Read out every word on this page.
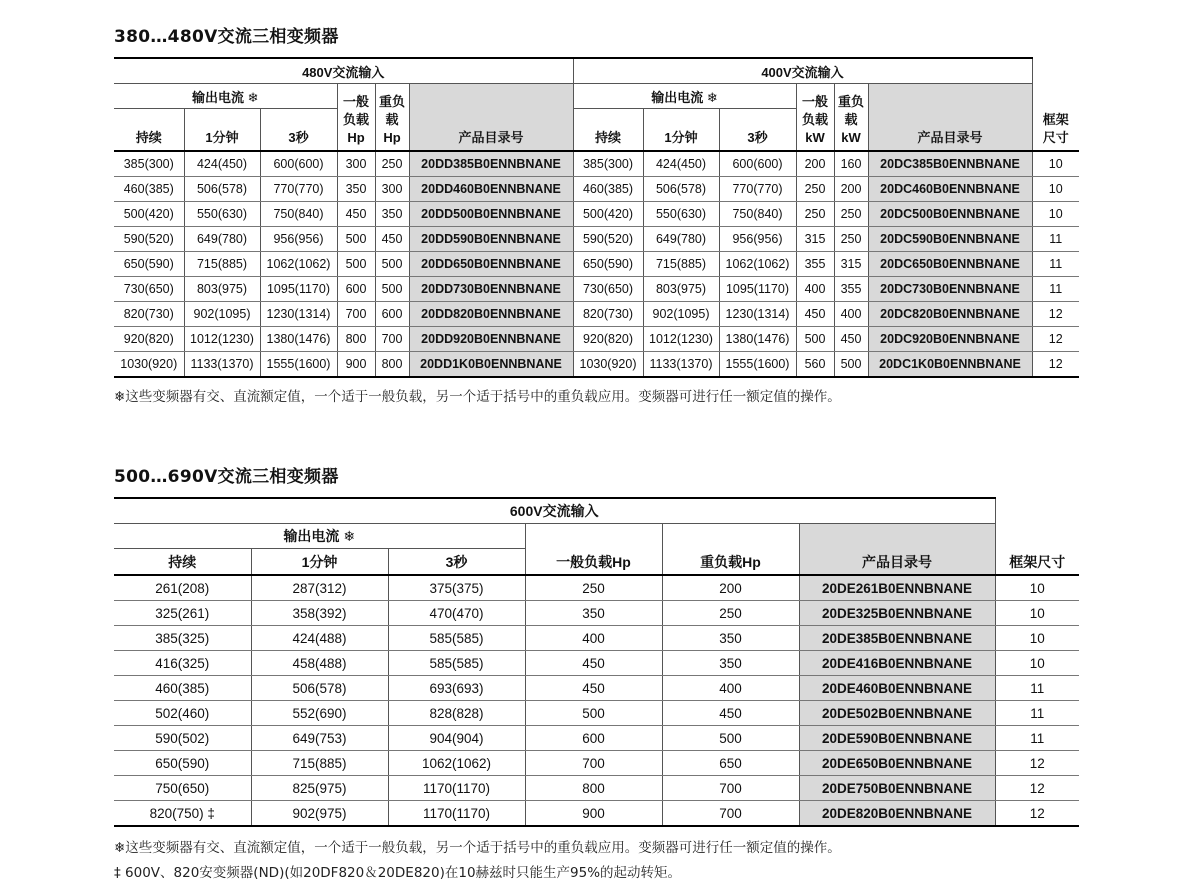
380…480V交流三相变频器
480V交流输入						400V交流输入						框架尺寸
输出电流 ❄			一般负载Hp	重负载Hp	产品目录号	输出电流 ❄			一般负载kW	重负载kW	产品目录号	
持续	1分钟	3秒				持续	1分钟	3秒				
385(300)	424(450)	600(600)	300	250	20DD385B0ENNBNANE	385(300)	424(450)	600(600)	200	160	20DC385B0ENNBNANE	10
460(385)	506(578)	770(770)	350	300	20DD460B0ENNBNANE	460(385)	506(578)	770(770)	250	200	20DC460B0ENNBNANE	10
500(420)	550(630)	750(840)	450	350	20DD500B0ENNBNANE	500(420)	550(630)	750(840)	250	250	20DC500B0ENNBNANE	10
590(520)	649(780)	956(956)	500	450	20DD590B0ENNBNANE	590(520)	649(780)	956(956)	315	250	20DC590B0ENNBNANE	11
650(590)	715(885)	1062(1062)	500	500	20DD650B0ENNBNANE	650(590)	715(885)	1062(1062)	355	315	20DC650B0ENNBNANE	11
730(650)	803(975)	1095(1170)	600	500	20DD730B0ENNBNANE	730(650)	803(975)	1095(1170)	400	355	20DC730B0ENNBNANE	11
820(730)	902(1095)	1230(1314)	700	600	20DD820B0ENNBNANE	820(730)	902(1095)	1230(1314)	450	400	20DC820B0ENNBNANE	12
920(820)	1012(1230)	1380(1476)	800	700	20DD920B0ENNBNANE	920(820)	1012(1230)	1380(1476)	500	450	20DC920B0ENNBNANE	12
1030(920)	1133(1370)	1555(1600)	900	800	20DD1K0B0ENNBNANE	1030(920)	1133(1370)	1555(1600)	560	500	20DC1K0B0ENNBNANE	12
❄这些变频器有交、直流额定值，一个适于一般负载，另一个适于括号中的重负载应用。变频器可进行任一额定值的操作。
500…690V交流三相变频器
600V交流输入						框架尺寸
输出电流 ❄			一般负载Hp	重负载Hp	产品目录号	
持续	1分钟	3秒				
261(208)	287(312)	375(375)	250	200	20DE261B0ENNBNANE	10
325(261)	358(392)	470(470)	350	250	20DE325B0ENNBNANE	10
385(325)	424(488)	585(585)	400	350	20DE385B0ENNBNANE	10
416(325)	458(488)	585(585)	450	350	20DE416B0ENNBNANE	10
460(385)	506(578)	693(693)	450	400	20DE460B0ENNBNANE	11
502(460)	552(690)	828(828)	500	450	20DE502B0ENNBNANE	11
590(502)	649(753)	904(904)	600	500	20DE590B0ENNBNANE	11
650(590)	715(885)	1062(1062)	700	650	20DE650B0ENNBNANE	12
750(650)	825(975)	1170(1170)	800	700	20DE750B0ENNBNANE	12
820(750) ‡	902(975)	1170(1170)	900	700	20DE820B0ENNBNANE	12
❄这些变频器有交、直流额定值，一个适于一般负载，另一个适于括号中的重负载应用。变频器可进行任一额定值的操作。
‡ 600V、820安变频器(ND)(如20DF820＆20DE820)在10赫兹时只能生产95%的起动转矩。
